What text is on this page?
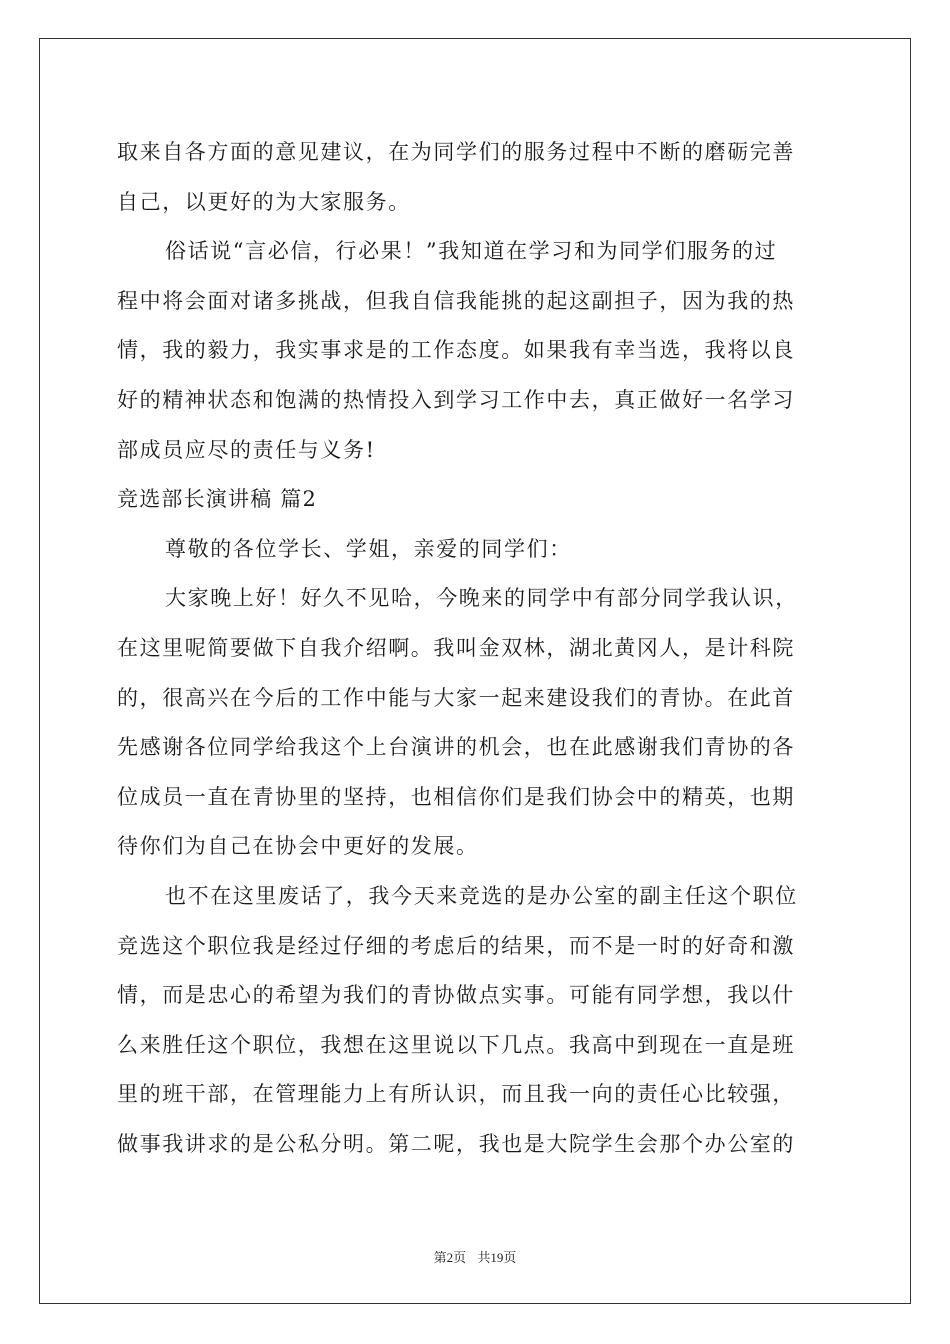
取来自各方面的意见建议，在为同学们的服务过程中不断的磨砺完善
自己，以更好的为大家服务。
俗话说“言必信，行必果！”我知道在学习和为同学们服务的过
程中将会面对诸多挑战，但我自信我能挑的起这副担子，因为我的热
情，我的毅力，我实事求是的工作态度。如果我有幸当选，我将以良
好的精神状态和饱满的热情投入到学习工作中去，真正做好一名学习
部成员应尽的责任与义务!
竞选部长演讲稿 篇2
尊敬的各位学长、学姐，亲爱的同学们：
大家晚上好！好久不见哈，今晚来的同学中有部分同学我认识，
在这里呢简要做下自我介绍啊。我叫金双林，湖北黄冈人，是计科院
的，很高兴在今后的工作中能与大家一起来建设我们的青协。在此首
先感谢各位同学给我这个上台演讲的机会，也在此感谢我们青协的各
位成员一直在青协里的坚持，也相信你们是我们协会中的精英，也期
待你们为自己在协会中更好的发展。
也不在这里废话了，我今天来竞选的是办公室的副主任这个职位
竞选这个职位我是经过仔细的考虑后的结果，而不是一时的好奇和激
情，而是忠心的希望为我们的青协做点实事。可能有同学想，我以什
么来胜任这个职位，我想在这里说以下几点。我高中到现在一直是班
里的班干部，在管理能力上有所认识，而且我一向的责任心比较强，
做事我讲求的是公私分明。第二呢，我也是大院学生会那个办公室的
第2页 共19页
